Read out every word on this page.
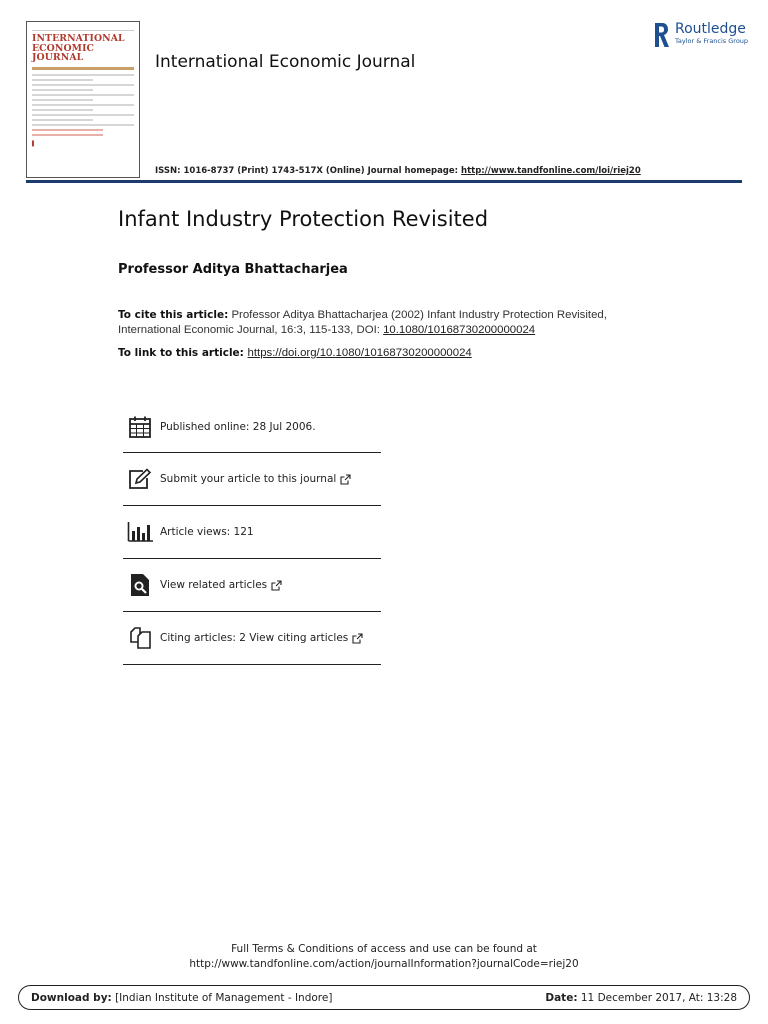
INTERNATIONAL ECONOMIC JOURNAL
▌
International Economic Journal
Routledge
Taylor & Francis Group
ISSN: 1016-8737 (Print) 1743-517X (Online) Journal homepage: http://www.tandfonline.com/loi/riej20
Infant Industry Protection Revisited
Professor Aditya Bhattacharjea
To cite this article: Professor Aditya Bhattacharjea (2002) Infant Industry Protection Revisited, International Economic Journal, 16:3, 115-133, DOI: 10.1080/10168730200000024
To link to this article: https://doi.org/10.1080/10168730200000024
Published online: 28 Jul 2006.
Submit your article to this journal
Article views: 121
View related articles
Citing articles: 2 View citing articles
Full Terms & Conditions of access and use can be found at
http://www.tandfonline.com/action/journalInformation?journalCode=riej20
Download by: [Indian Institute of Management - Indore]	Date: 11 December 2017, At: 13:28
